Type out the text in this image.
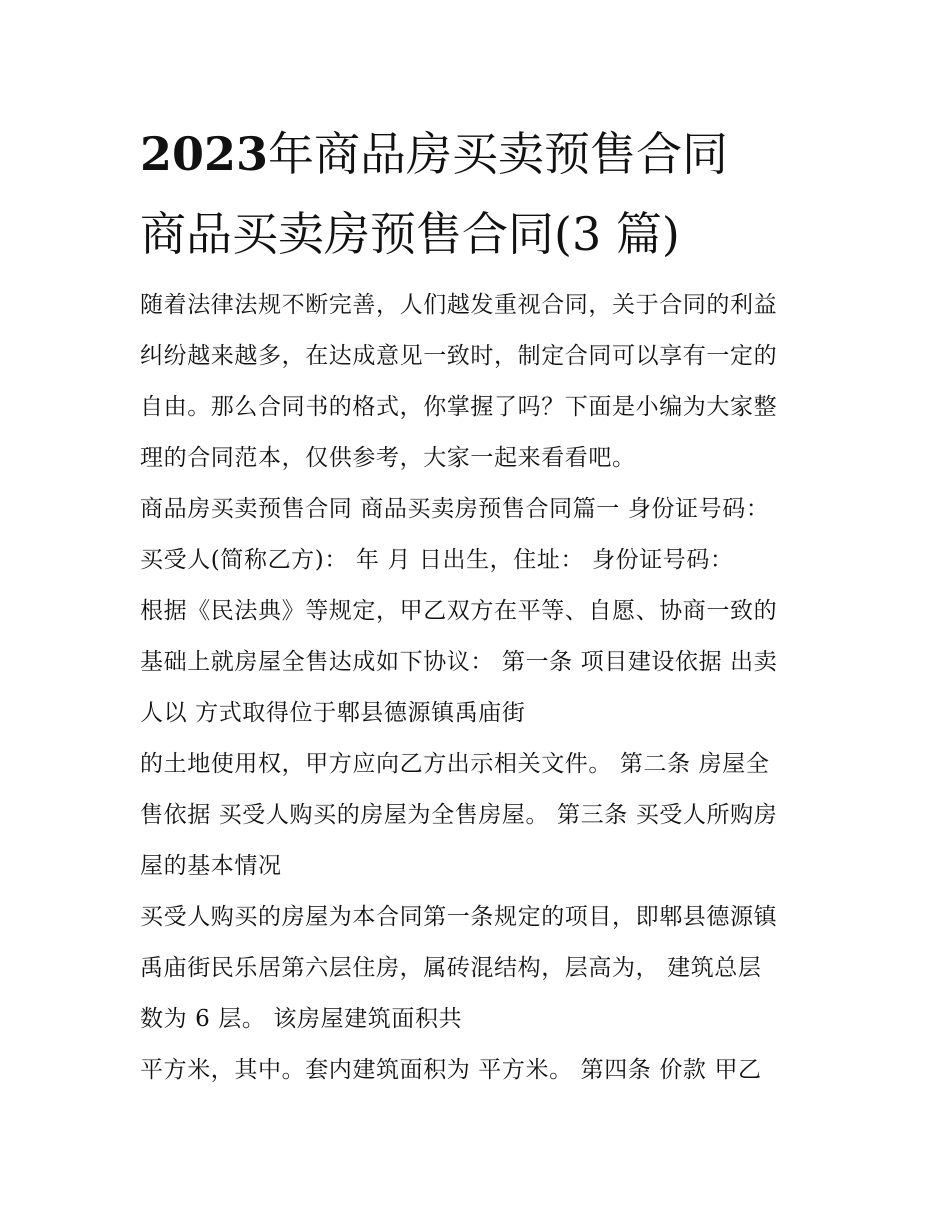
2023年商品房买卖预售合同
商品买卖房预售合同(3 篇)
随着法律法规不断完善，人们越发重视合同，关于合同的利益
纠纷越来越多，在达成意见一致时，制定合同可以享有一定的
自由。那么合同书的格式，你掌握了吗？下面是小编为大家整
理的合同范本，仅供参考，大家一起来看看吧。
商品房买卖预售合同 商品买卖房预售合同篇一 身份证号码：
买受人(简称乙方)： 年 月 日出生，住址： 身份证号码：
根据《民法典》等规定，甲乙双方在平等、自愿、协商一致的
基础上就房屋全售达成如下协议： 第一条 项目建设依据 出卖
人以 方式取得位于郫县德源镇禹庙街
的土地使用权，甲方应向乙方出示相关文件。 第二条 房屋全
售依据 买受人购买的房屋为全售房屋。 第三条 买受人所购房
屋的基本情况
买受人购买的房屋为本合同第一条规定的项目，即郫县德源镇
禹庙街民乐居第六层住房，属砖混结构，层高为， 建筑总层
数为 6 层。 该房屋建筑面积共
平方米，其中。套内建筑面积为 平方米。 第四条 价款 甲乙
